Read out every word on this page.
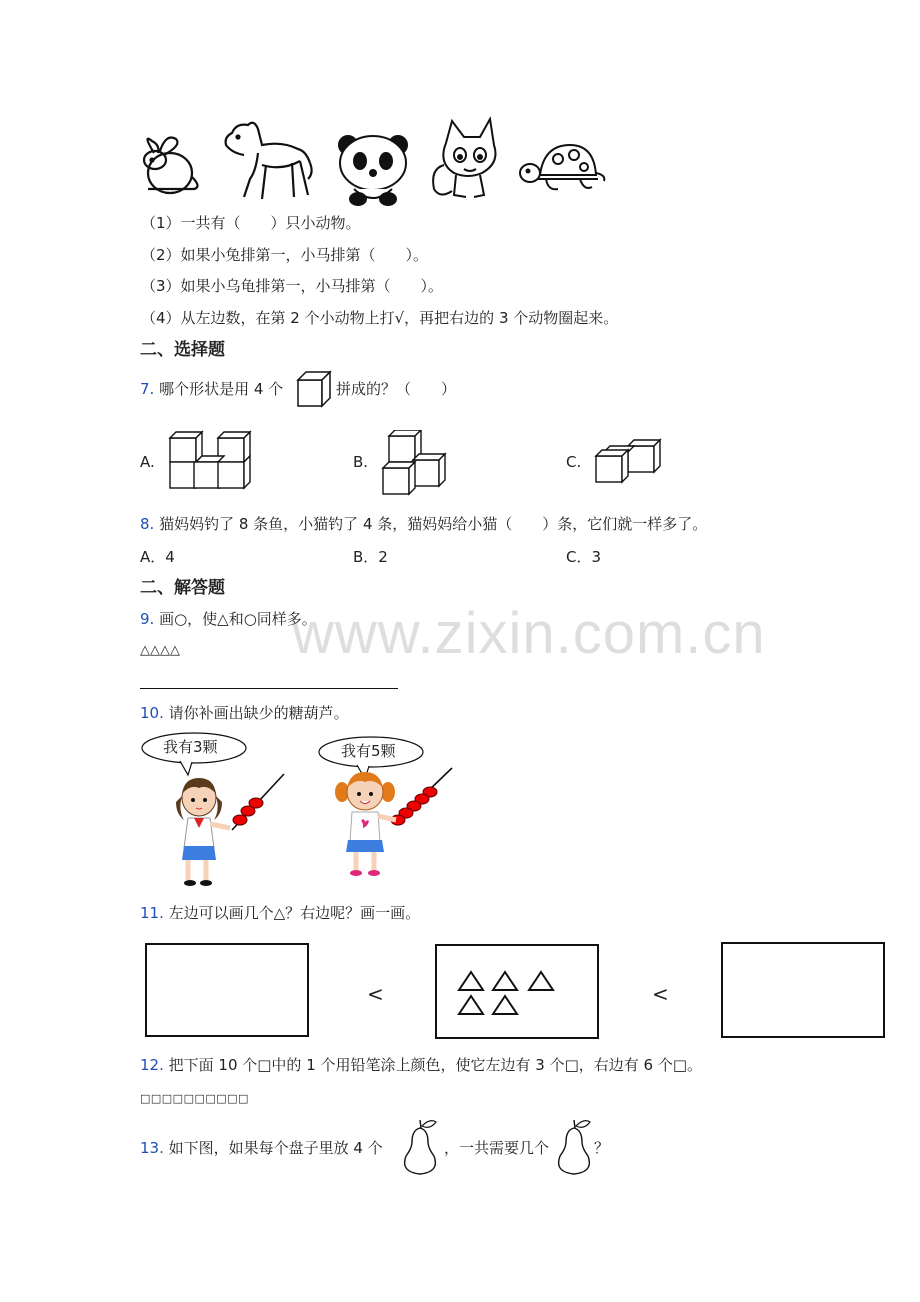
（1）一共有（　　）只小动物。
（2）如果小兔排第一，小马排第（　　）。
（3）如果小乌龟排第一，小马排第（　　）。
（4）从左边数，在第 2 个小动物上打√，再把右边的 3 个动物圈起来。
二、选择题
7. 哪个形状是用 4 个	拼成的？（　　）
A.	B.	C.
8. 猫妈妈钓了 8 条鱼，小猫钓了 4 条，猫妈妈给小猫（　　）条，它们就一样多了。
A．4	B．2	C．3
二、解答题
www.zixin.com.cn
9. 画○，使△和○同样多。
△△△△
10. 请你补画出缺少的糖葫芦。
我有3颗	我有5颗
11. 左边可以画几个△？右边呢？画一画。
<	<
12. 把下面 10 个□中的 1 个用铅笔涂上颜色，使它左边有 3 个□，右边有 6 个□。
□□□□□□□□□□
13. 如下图，如果每个盘子里放 4 个	，一共需要几个	？
